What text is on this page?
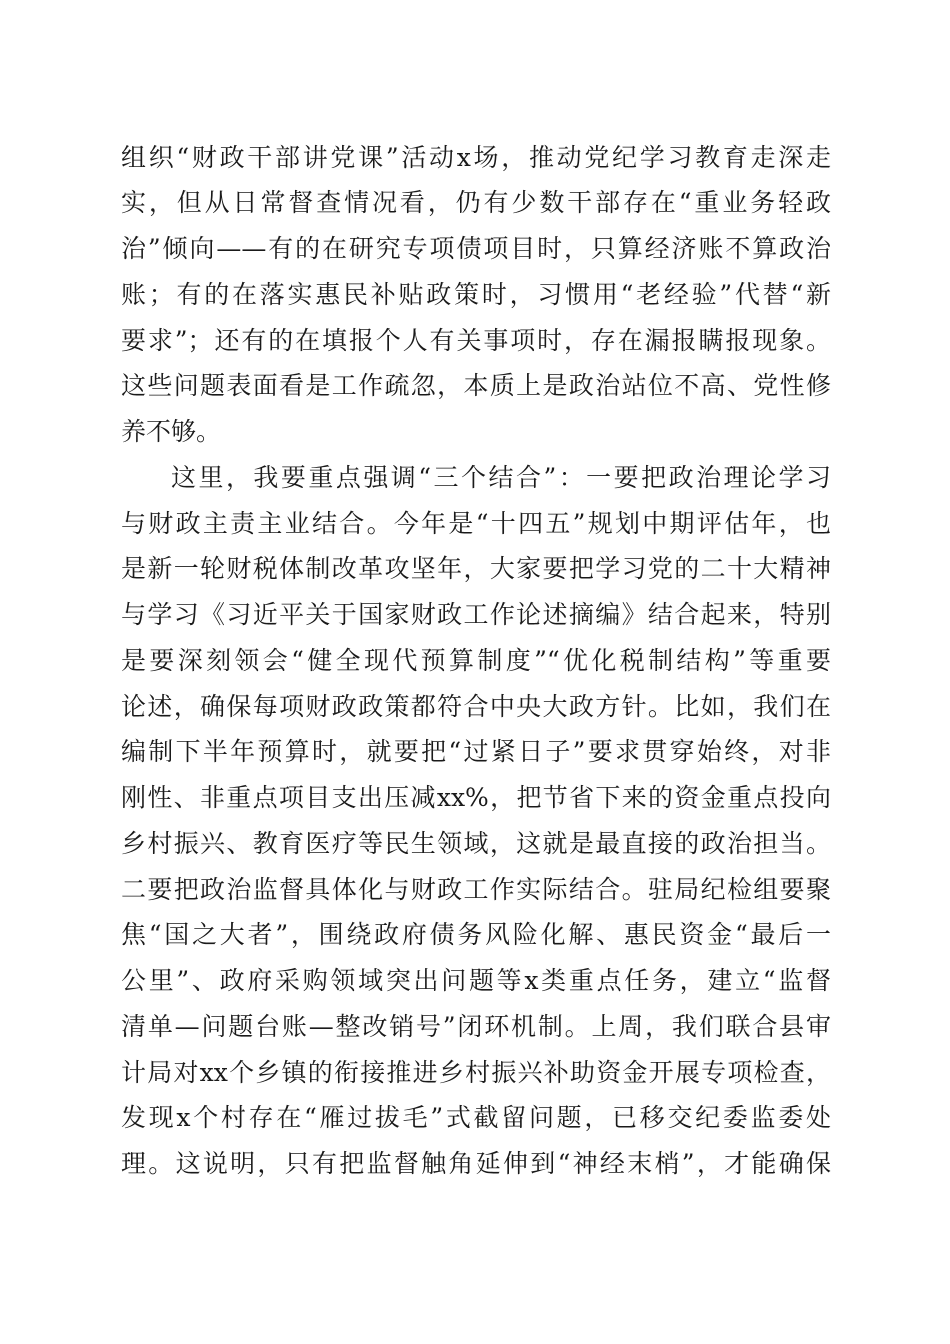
组织“财政干部讲党课”活动x场，推动党纪学习教育走深走
实，但从日常督查情况看，仍有少数干部存在“重业务轻政
治”倾向——有的在研究专项债项目时，只算经济账不算政治
账；有的在落实惠民补贴政策时，习惯用“老经验”代替“新
要求”；还有的在填报个人有关事项时，存在漏报瞒报现象。
这些问题表面看是工作疏忽，本质上是政治站位不高、党性修
养不够。
这里，我要重点强调“三个结合”：一要把政治理论学习
与财政主责主业结合。今年是“十四五”规划中期评估年，也
是新一轮财税体制改革攻坚年，大家要把学习党的二十大精神
与学习《习近平关于国家财政工作论述摘编》结合起来，特别
是要深刻领会“健全现代预算制度”“优化税制结构”等重要
论述，确保每项财政政策都符合中央大政方针。比如，我们在
编制下半年预算时，就要把“过紧日子”要求贯穿始终，对非
刚性、非重点项目支出压减xx%，把节省下来的资金重点投向
乡村振兴、教育医疗等民生领域，这就是最直接的政治担当。
二要把政治监督具体化与财政工作实际结合。驻局纪检组要聚
焦“国之大者”，围绕政府债务风险化解、惠民资金“最后一
公里”、政府采购领域突出问题等x类重点任务，建立“监督
清单—问题台账—整改销号”闭环机制。上周，我们联合县审
计局对xx个乡镇的衔接推进乡村振兴补助资金开展专项检查，
发现x个村存在“雁过拔毛”式截留问题，已移交纪委监委处
理。这说明，只有把监督触角延伸到“神经末梢”，才能确保
